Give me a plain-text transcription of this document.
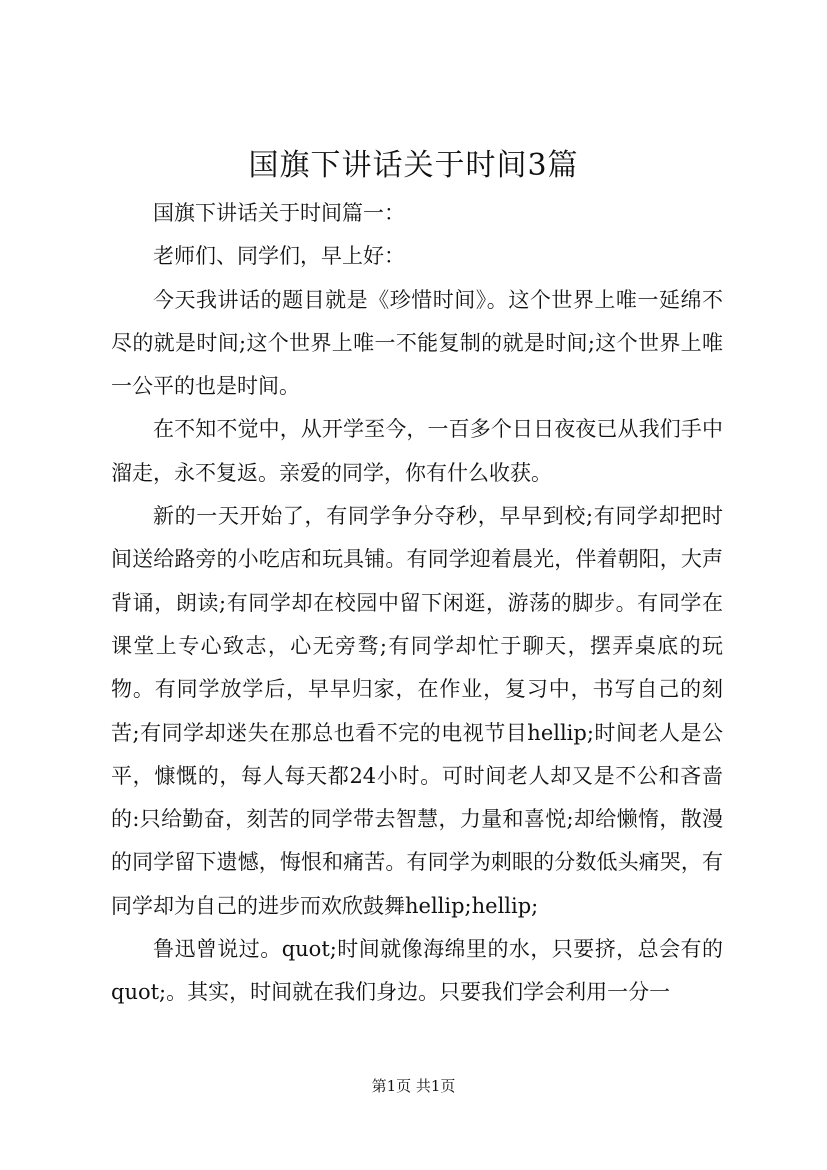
国旗下讲话关于时间3篇

国旗下讲话关于时间篇一：

老师们、同学们，早上好：

今天我讲话的题目就是《珍惜时间》。这个世界上唯一延绵不尽的就是时间;这个世界上唯一不能复制的就是时间;这个世界上唯一公平的也是时间。

在不知不觉中，从开学至今，一百多个日日夜夜已从我们手中溜走，永不复返。亲爱的同学，你有什么收获。

新的一天开始了，有同学争分夺秒，早早到校;有同学却把时间送给路旁的小吃店和玩具铺。有同学迎着晨光，伴着朝阳，大声背诵，朗读;有同学却在校园中留下闲逛，游荡的脚步。有同学在课堂上专心致志，心无旁骛;有同学却忙于聊天，摆弄桌底的玩物。有同学放学后，早早归家，在作业，复习中，书写自己的刻苦;有同学却迷失在那总也看不完的电视节目hellip;时间老人是公平，慷慨的，每人每天都24小时。可时间老人却又是不公和吝啬的:只给勤奋，刻苦的同学带去智慧，力量和喜悦;却给懒惰，散漫的同学留下遗憾，悔恨和痛苦。有同学为刺眼的分数低头痛哭，有同学却为自己的进步而欢欣鼓舞hellip;hellip;

鲁迅曾说过。quot;时间就像海绵里的水，只要挤，总会有的quot;。其实，时间就在我们身边。只要我们学会利用一分一

第1页 共1页
